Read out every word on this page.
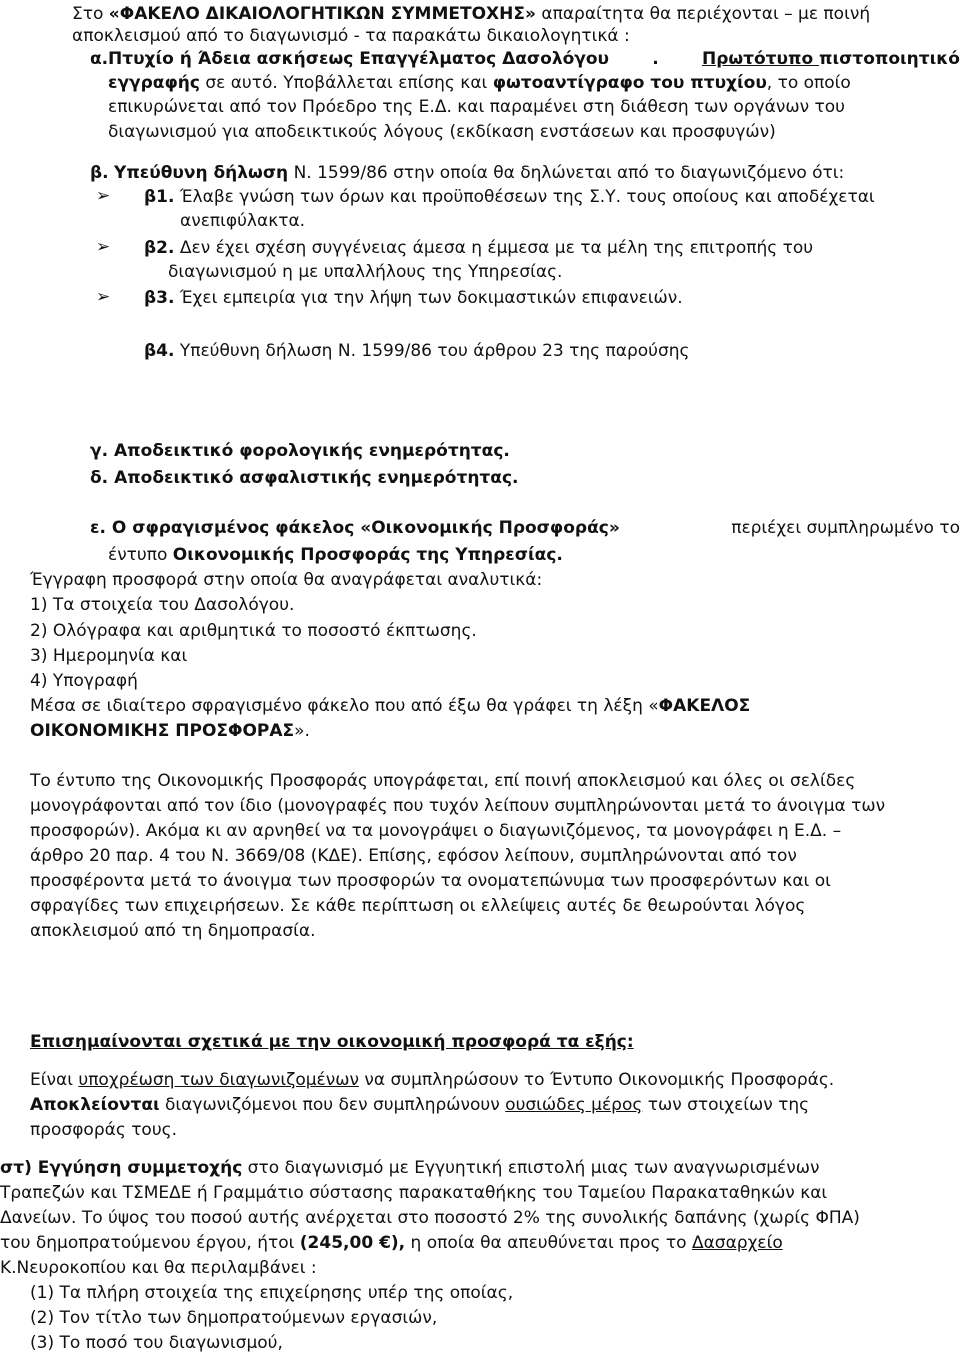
Στο «ΦΑΚΕΛΟ ΔΙΚΑΙΟΛΟΓΗΤΙΚΩΝ ΣΥΜΜΕΤΟΧΗΣ» απαραίτητα θα περιέχονται – με ποινή
αποκλεισμού από το διαγωνισμό - τα παρακάτω δικαιολογητικά :
α. Πτυχίο ή Άδεια ασκήσεως Επαγγέλματος Δασολόγου	.	Πρωτότυπο πιστοποιητικό
εγγραφής σε αυτό. Υποβάλλεται επίσης και φωτοαντίγραφο του πτυχίου, το οποίο
επικυρώνεται από τον Πρόεδρο της Ε.Δ. και παραμένει στη διάθεση των οργάνων του
διαγωνισμού για αποδεικτικούς λόγους (εκδίκαση ενστάσεων και προσφυγών)
β. Υπεύθυνη δήλωση Ν. 1599/86 στην οποία θα δηλώνεται από το διαγωνιζόμενο ότι:
➢ β1. Έλαβε γνώση των όρων και προϋποθέσεων της Σ.Υ. τους οποίους και αποδέχεται
ανεπιφύλακτα.
➢ β2. Δεν έχει σχέση συγγένειας άμεσα η έμμεσα με τα μέλη της επιτροπής του
διαγωνισμού η με υπαλλήλους της Υπηρεσίας.
➢ β3. Έχει εμπειρία για την λήψη των δοκιμαστικών επιφανειών.
β4. Υπεύθυνη δήλωση Ν. 1599/86 του άρθρου 23 της παρούσης
γ. Αποδεικτικό φορολογικής ενημερότητας.
δ. Αποδεικτικό ασφαλιστικής ενημερότητας.
ε. Ο σφραγισμένος φάκελος «Οικονομικής Προσφοράς»	περιέχει συμπληρωμένο το
έντυπο Οικονομικής Προσφοράς της Υπηρεσίας.
Έγγραφη προσφορά στην οποία θα αναγράφεται αναλυτικά:
1) Τα στοιχεία του Δασολόγου.
2) Ολόγραφα και αριθμητικά το ποσοστό έκπτωσης.
3) Ημερομηνία και
4) Υπογραφή
Μέσα σε ιδιαίτερο σφραγισμένο φάκελο που από έξω θα γράφει τη λέξη «ΦΑΚΕΛΟΣ
ΟΙΚΟΝΟΜΙΚΗΣ ΠΡΟΣΦΟΡΑΣ».
Το έντυπο της Οικονομικής Προσφοράς υπογράφεται, επί ποινή αποκλεισμού και όλες οι σελίδες
μονογράφονται από τον ίδιο (μονογραφές που τυχόν λείπουν συμπληρώνονται μετά το άνοιγμα των
προσφορών). Ακόμα κι αν αρνηθεί να τα μονογράψει ο διαγωνιζόμενος, τα μονογράφει η Ε.Δ. –
άρθρο 20 παρ. 4 του Ν. 3669/08 (ΚΔΕ). Επίσης, εφόσον λείπουν, συμπληρώνονται από τον
προσφέροντα μετά το άνοιγμα των προσφορών τα ονοματεπώνυμα των προσφερόντων και οι
σφραγίδες των επιχειρήσεων. Σε κάθε περίπτωση οι ελλείψεις αυτές δε θεωρούνται λόγος
αποκλεισμού από τη δημοπρασία.
Επισημαίνονται σχετικά με την οικονομική προσφορά τα εξής:
Είναι υποχρέωση των διαγωνιζομένων να συμπληρώσουν το Έντυπο Οικονομικής Προσφοράς.
Αποκλείονται διαγωνιζόμενοι που δεν συμπληρώνουν ουσιώδες μέρος των στοιχείων της
προσφοράς τους.
στ) Εγγύηση συμμετοχής στο διαγωνισμό με Εγγυητική επιστολή μιας των αναγνωρισμένων
Τραπεζών και ΤΣΜΕΔΕ ή Γραμμάτιο σύστασης παρακαταθήκης του Ταμείου Παρακαταθηκών και
Δανείων. Το ύψος του ποσού αυτής ανέρχεται στο ποσοστό 2% της συνολικής δαπάνης (χωρίς ΦΠΑ)
του δημοπρατούμενου έργου, ήτοι (245,00 €), η οποία θα απευθύνεται προς το Δασαρχείο
Κ.Νευροκοπίου και θα περιλαμβάνει :
(1) Τα πλήρη στοιχεία της επιχείρησης υπέρ της οποίας,
(2) Τον τίτλο των δημοπρατούμενων εργασιών,
(3) Το ποσό του διαγωνισμού,
